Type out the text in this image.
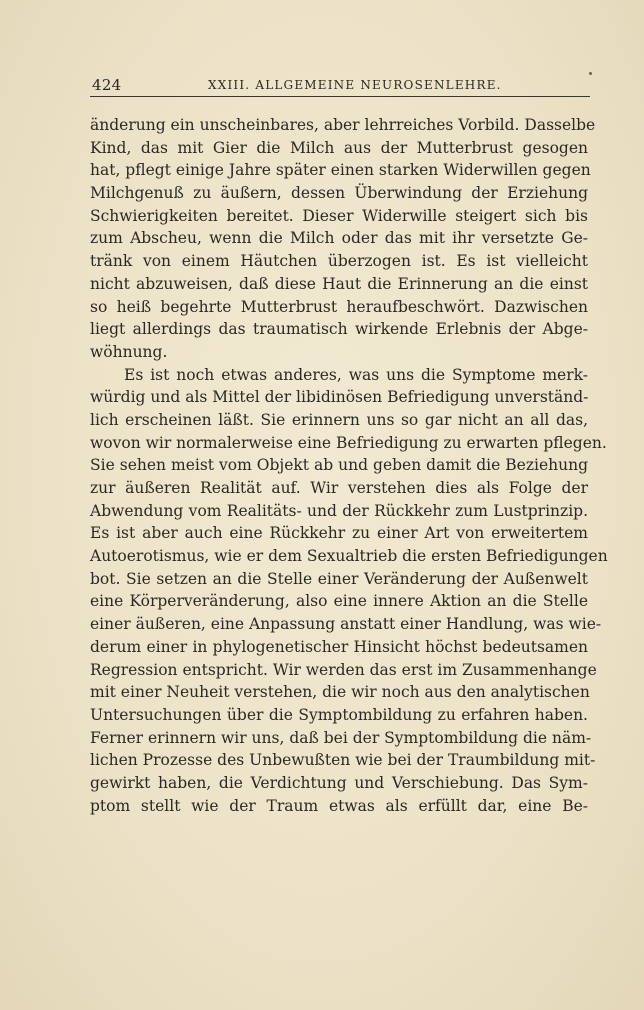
424	XXIII. ALLGEMEINE NEUROSENLEHRE.
änderung ein unscheinbares, aber lehrreiches Vorbild. Dasselbe
Kind, das mit Gier die Milch aus der Mutterbrust gesogen
hat, pflegt einige Jahre später einen starken Widerwillen gegen
Milchgenuß zu äußern, dessen Überwindung der Erziehung
Schwierigkeiten bereitet. Dieser Widerwille steigert sich bis
zum Abscheu, wenn die Milch oder das mit ihr versetzte Ge-
tränk von einem Häutchen überzogen ist. Es ist vielleicht
nicht abzuweisen, daß diese Haut die Erinnerung an die einst
so heiß begehrte Mutterbrust heraufbeschwört. Dazwischen
liegt allerdings das traumatisch wirkende Erlebnis der Abge-
wöhnung.
Es ist noch etwas anderes, was uns die Symptome merk-
würdig und als Mittel der libidinösen Befriedigung unverständ-
lich erscheinen läßt. Sie erinnern uns so gar nicht an all das,
wovon wir normalerweise eine Befriedigung zu erwarten pflegen.
Sie sehen meist vom Objekt ab und geben damit die Beziehung
zur äußeren Realität auf. Wir verstehen dies als Folge der
Abwendung vom Realitäts- und der Rückkehr zum Lustprinzip.
Es ist aber auch eine Rückkehr zu einer Art von erweitertem
Autoerotismus, wie er dem Sexualtrieb die ersten Befriedigungen
bot. Sie setzen an die Stelle einer Veränderung der Außenwelt
eine Körperveränderung, also eine innere Aktion an die Stelle
einer äußeren, eine Anpassung anstatt einer Handlung, was wie-
derum einer in phylogenetischer Hinsicht höchst bedeutsamen
Regression entspricht. Wir werden das erst im Zusammenhange
mit einer Neuheit verstehen, die wir noch aus den analytischen
Untersuchungen über die Symptombildung zu erfahren haben.
Ferner erinnern wir uns, daß bei der Symptombildung die näm-
lichen Prozesse des Unbewußten wie bei der Traumbildung mit-
gewirkt haben, die Verdichtung und Verschiebung. Das Sym-
ptom stellt wie der Traum etwas als erfüllt dar, eine Be-
